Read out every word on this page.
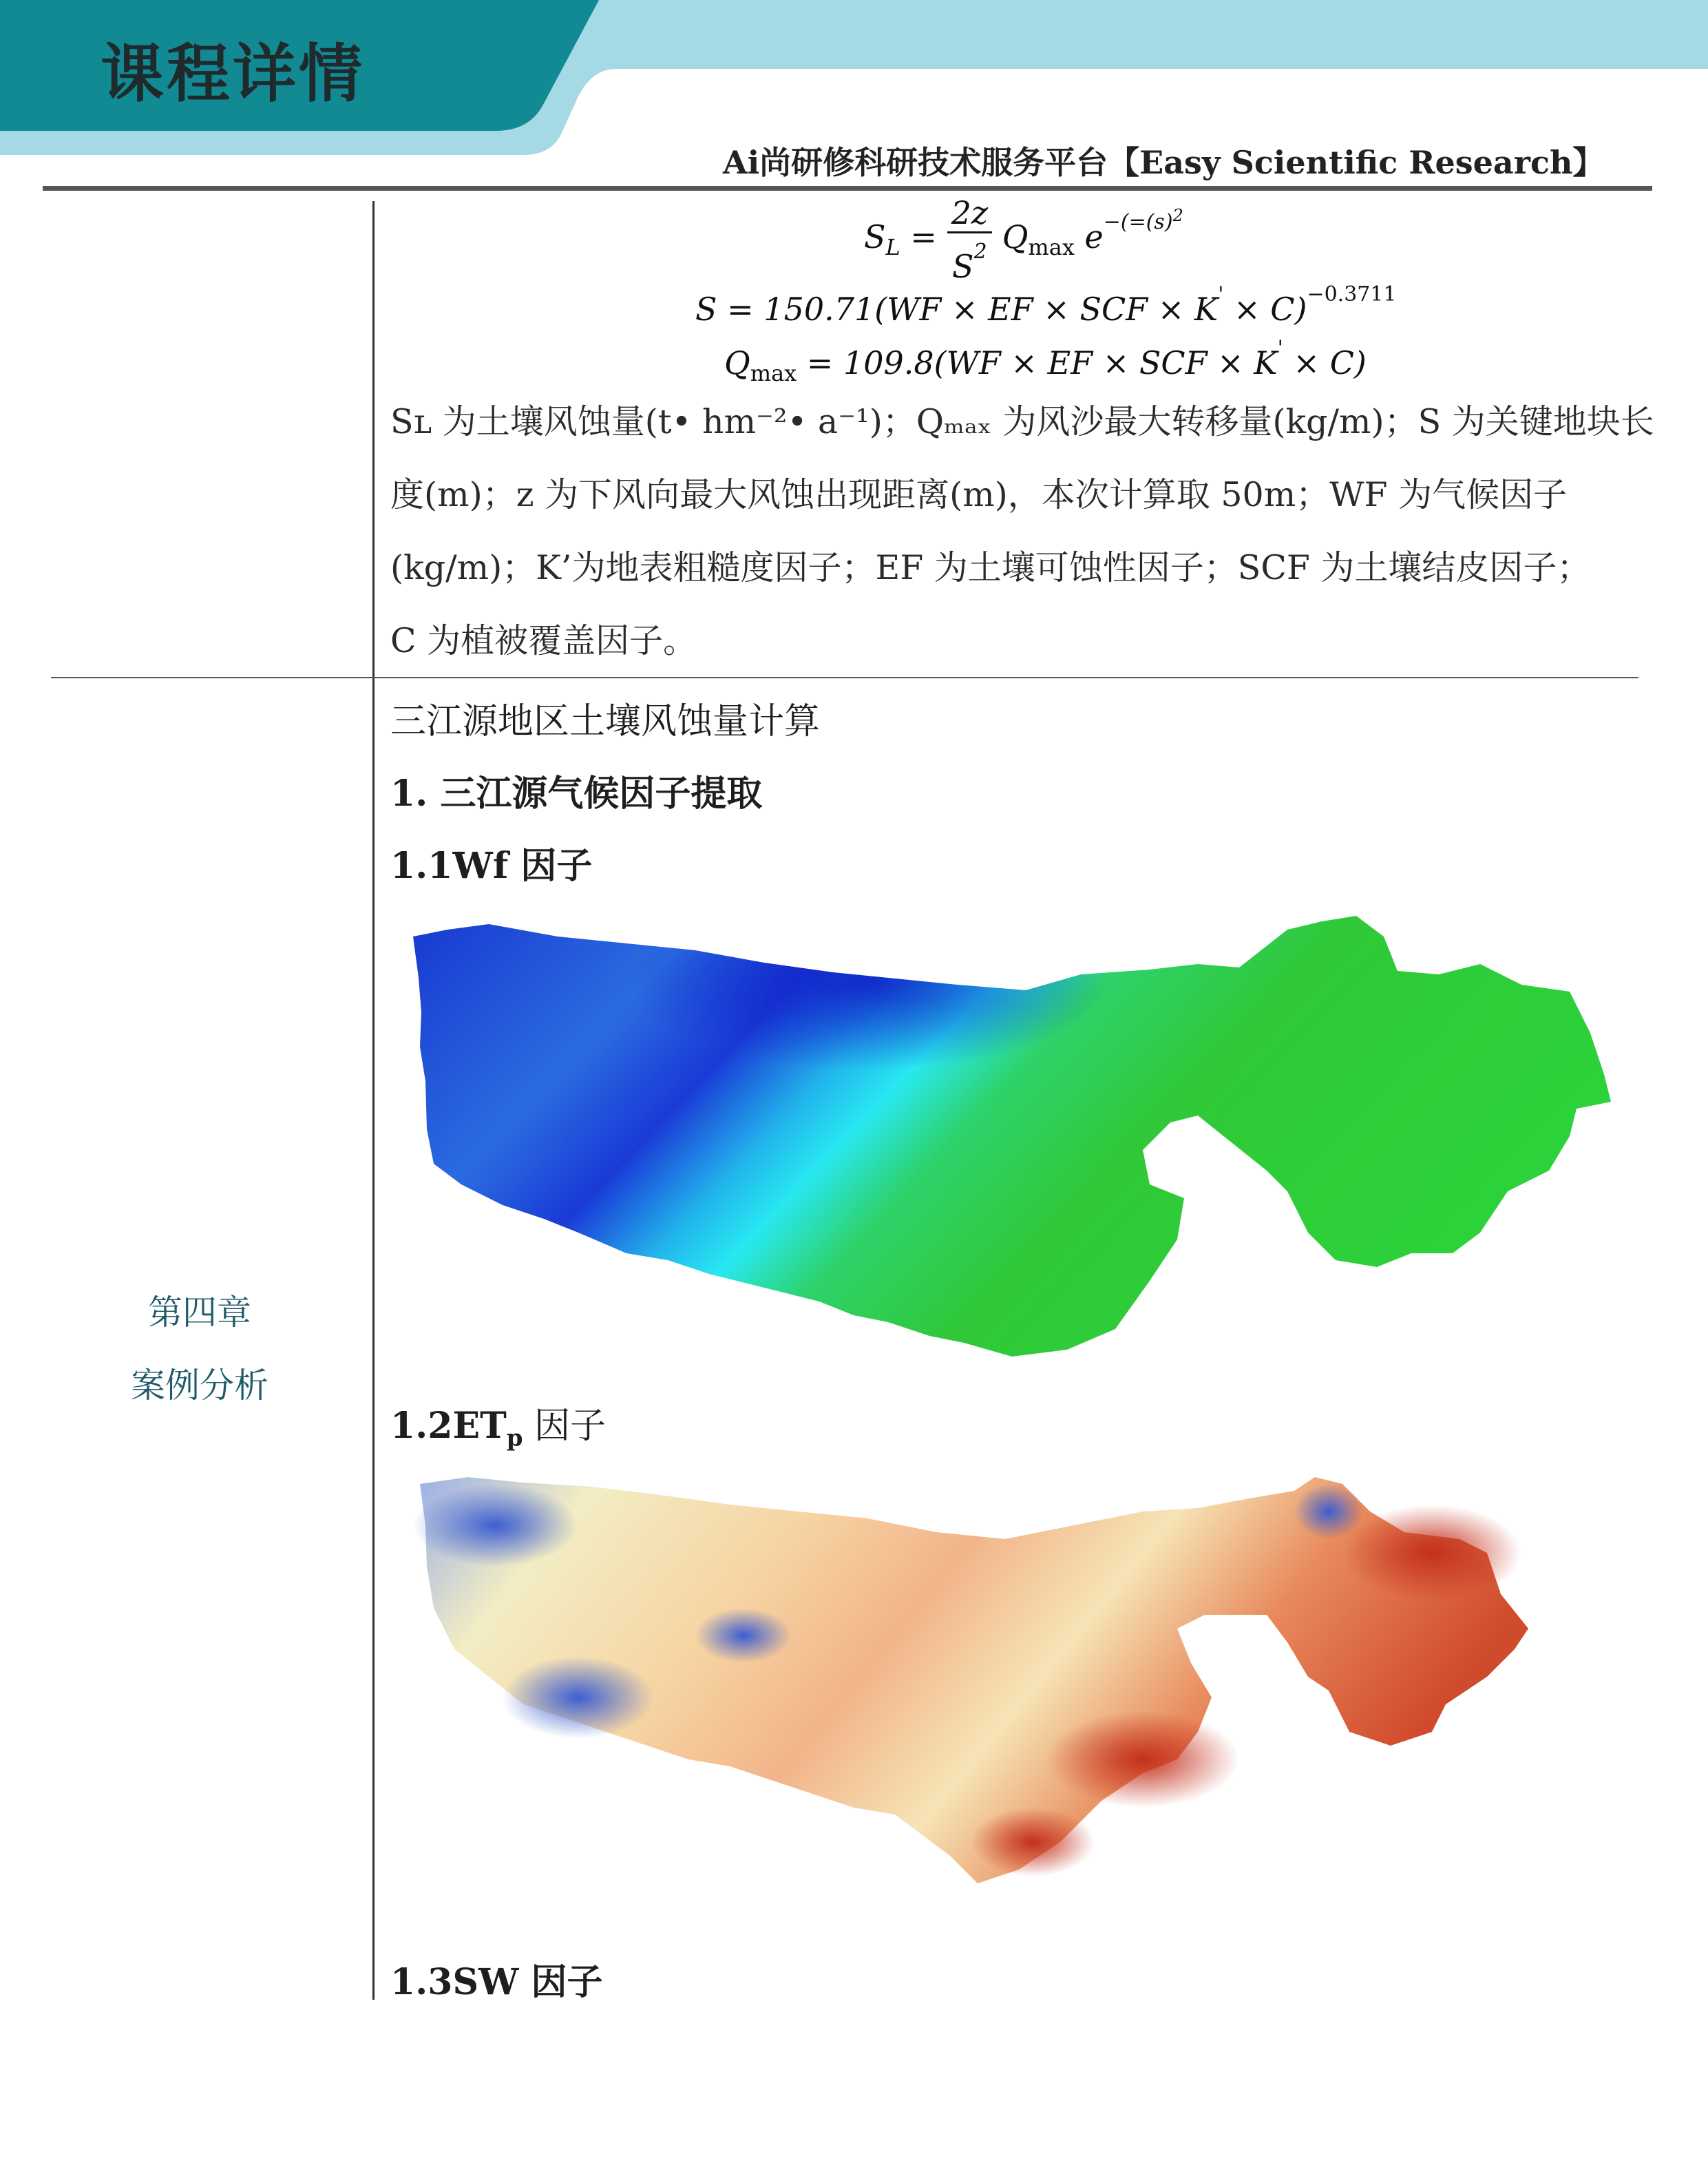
课程详情
Ai尚研修科研技术服务平台【Easy Scientific Research】
$S_L = \frac{2z}{S^2} Q_{max}$ $e^{-(=(s)^2}$
S = 150.71(WF × EF × SCF × K' × C)$^{-0.3711}$
$Q_{max} = 109.8(WF$ × EF × SCF × K' × C)
Sʟ 为土壤风蚀量(t• hm⁻²• a⁻¹)；Qₘₐₓ 为风沙最大转移量(kg/m)；S 为关键地块长
度(m)；z 为下风向最大风蚀出现距离(m)，本次计算取 50m；WF 为气候因子
(kg/m)；K’为地表粗糙度因子；EF 为土壤可蚀性因子；SCF 为土壤结皮因子；
C 为植被覆盖因子。
第四章
案例分析
三江源地区土壤风蚀量计算
1. 三江源气候因子提取
1.1Wf 因子
$1.2ET_p$ 因子
1.3SW 因子
